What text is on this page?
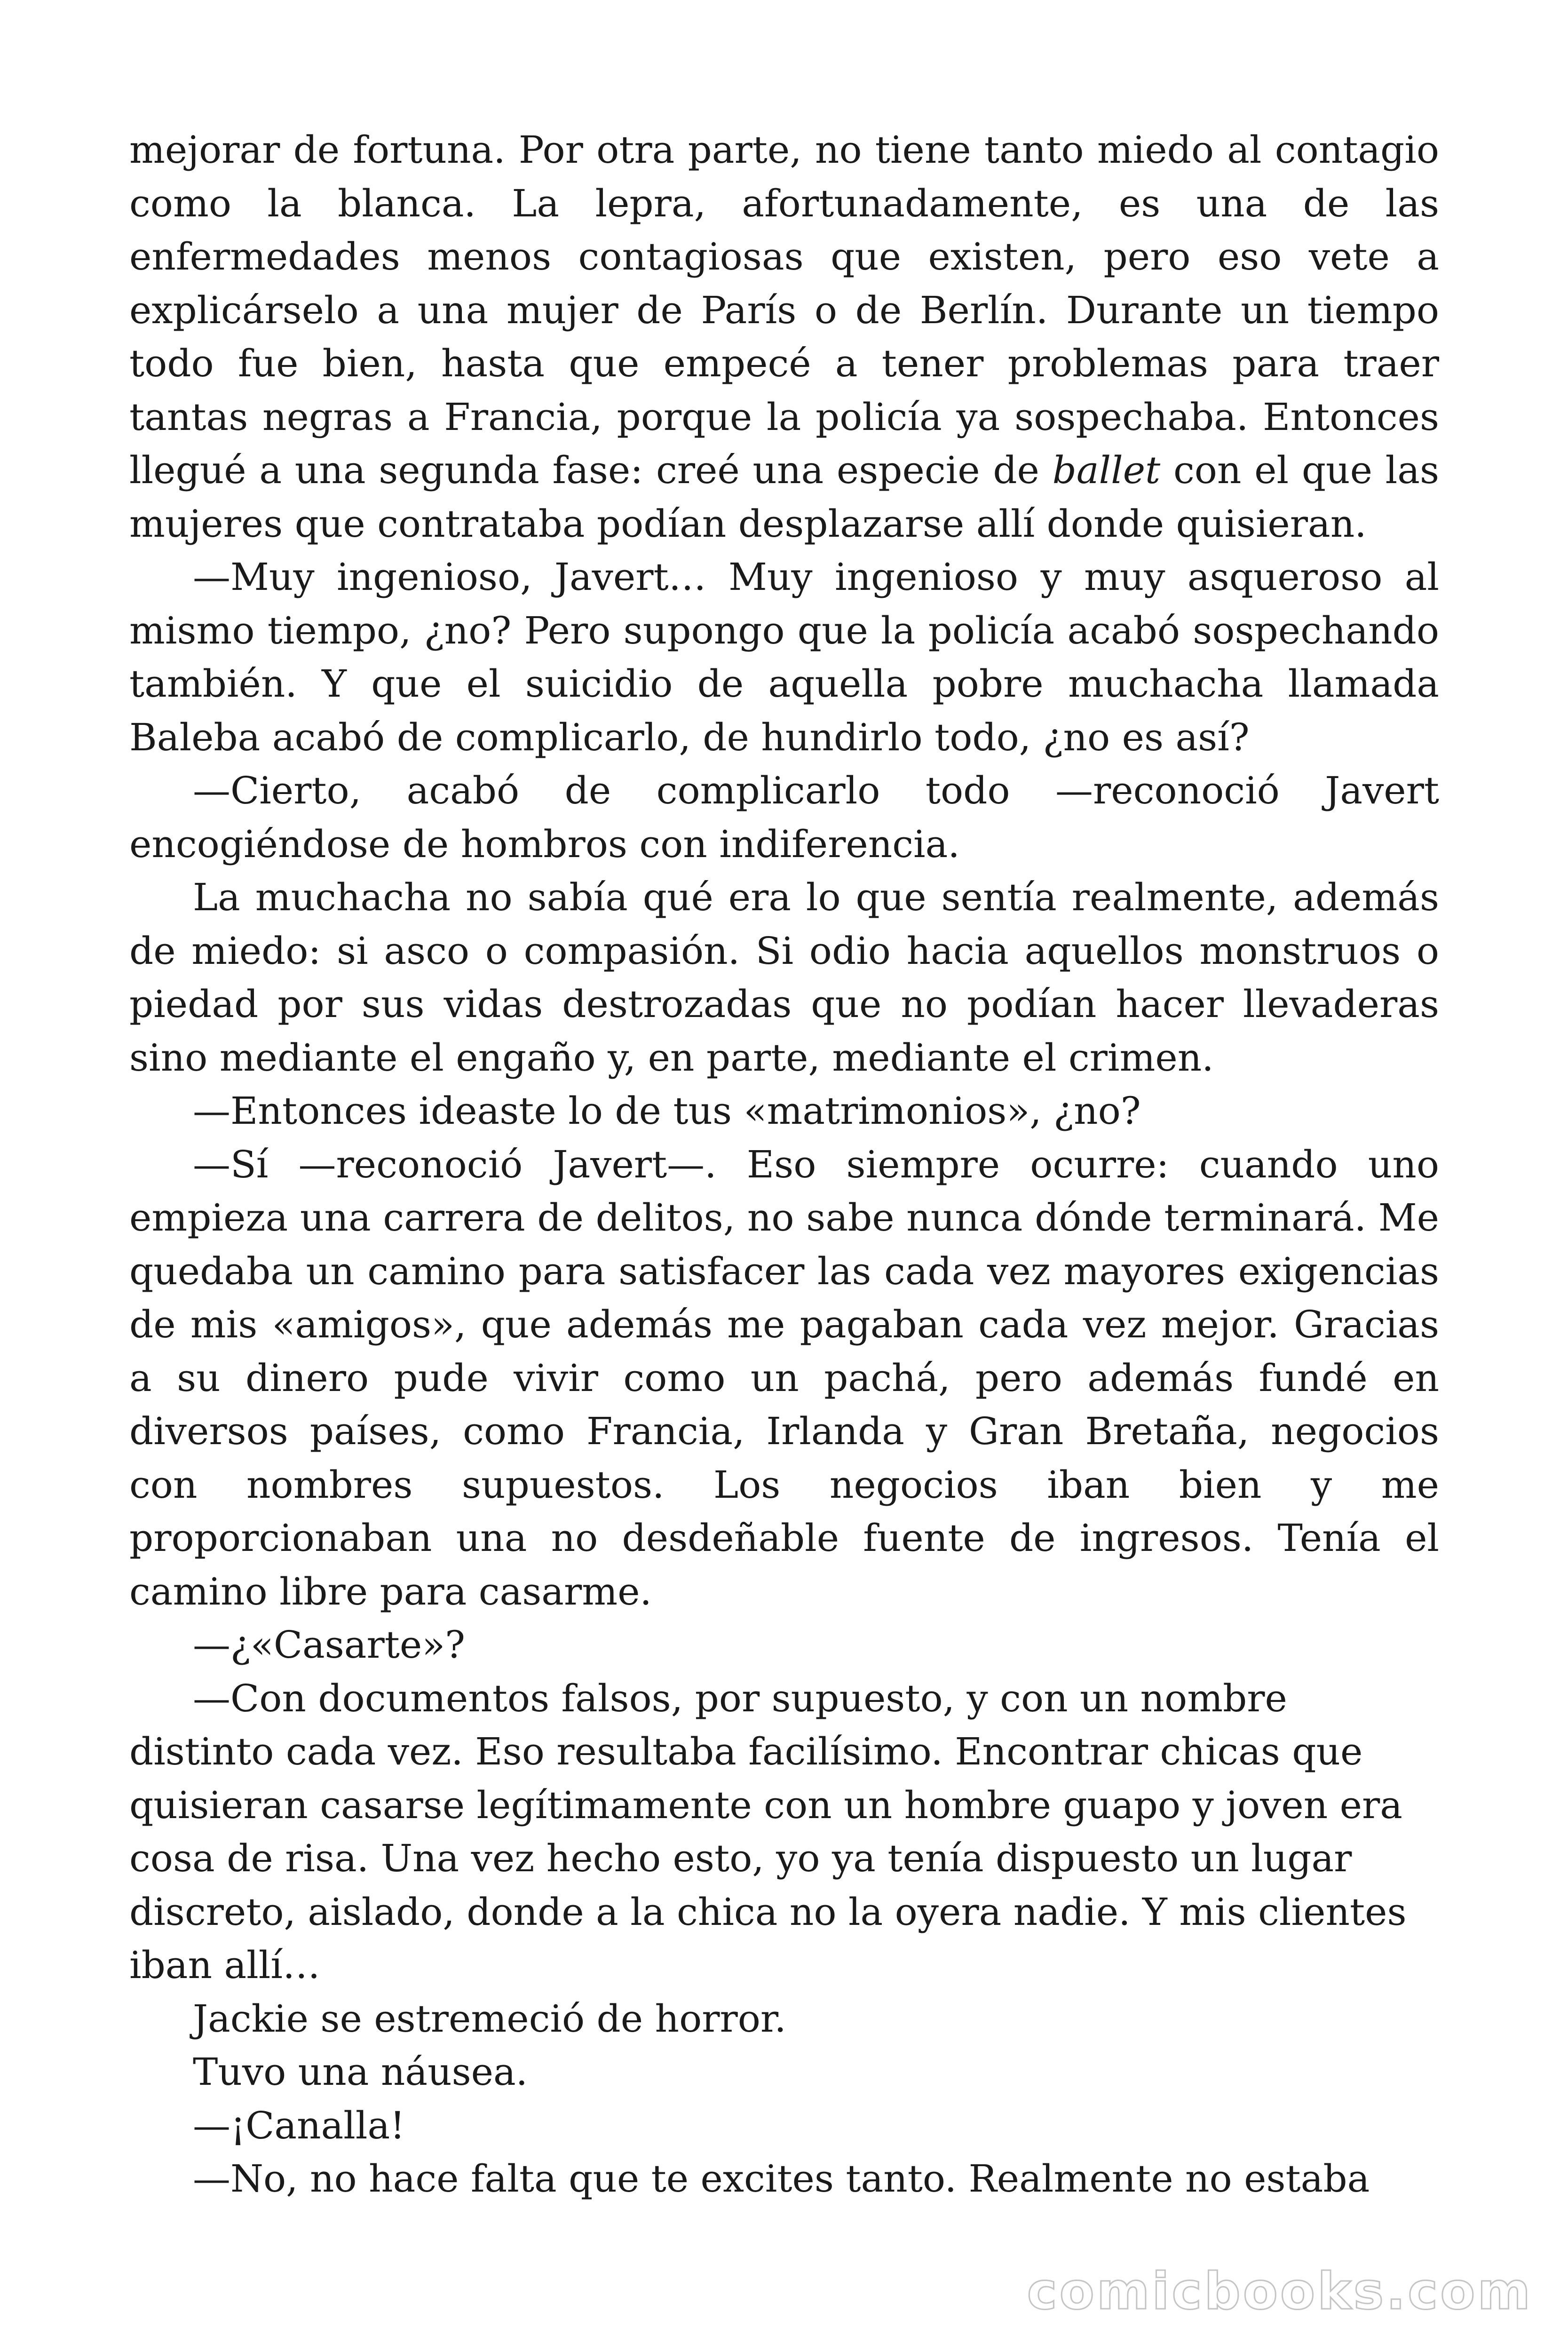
mejorar de fortuna. Por otra parte, no tiene tanto miedo al contagio como la blanca. La lepra, afortunadamente, es una de las enfermedades menos contagiosas que existen, pero eso vete a explicárselo a una mujer de París o de Berlín. Durante un tiempo todo fue bien, hasta que empecé a tener problemas para traer tantas negras a Francia, porque la policía ya sospechaba. Entonces llegué a una segunda fase: creé una especie de ballet con el que las mujeres que contrataba podían desplazarse allí donde quisieran.

—Muy ingenioso, Javert… Muy ingenioso y muy asqueroso al mismo tiempo, ¿no? Pero supongo que la policía acabó sospechando también. Y que el suicidio de aquella pobre muchacha llamada Baleba acabó de complicarlo, de hundirlo todo, ¿no es así?

—Cierto, acabó de complicarlo todo —reconoció Javert encogiéndose de hombros con indiferencia.

La muchacha no sabía qué era lo que sentía realmente, además de miedo: si asco o compasión. Si odio hacia aquellos monstruos o piedad por sus vidas destrozadas que no podían hacer llevaderas sino mediante el engaño y, en parte, mediante el crimen.

—Entonces ideaste lo de tus «matrimonios», ¿no?

—Sí —reconoció Javert—. Eso siempre ocurre: cuando uno empieza una carrera de delitos, no sabe nunca dónde terminará. Me quedaba un camino para satisfacer las cada vez mayores exigencias de mis «amigos», que además me pagaban cada vez mejor. Gracias a su dinero pude vivir como un pachá, pero además fundé en diversos países, como Francia, Irlanda y Gran Bretaña, negocios con nombres supuestos. Los negocios iban bien y me proporcionaban una no desdeñable fuente de ingresos. Tenía el camino libre para casarme.

—¿«Casarte»?

—Con documentos falsos, por supuesto, y con un nombre distinto cada vez. Eso resultaba facilísimo. Encontrar chicas que quisieran casarse legítimamente con un hombre guapo y joven era cosa de risa. Una vez hecho esto, yo ya tenía dispuesto un lugar discreto, aislado, donde a la chica no la oyera nadie. Y mis clientes iban allí…

Jackie se estremeció de horror.

Tuvo una náusea.

—¡Canalla!

—No, no hace falta que te excites tanto. Realmente no estaba

comicbooks.com
